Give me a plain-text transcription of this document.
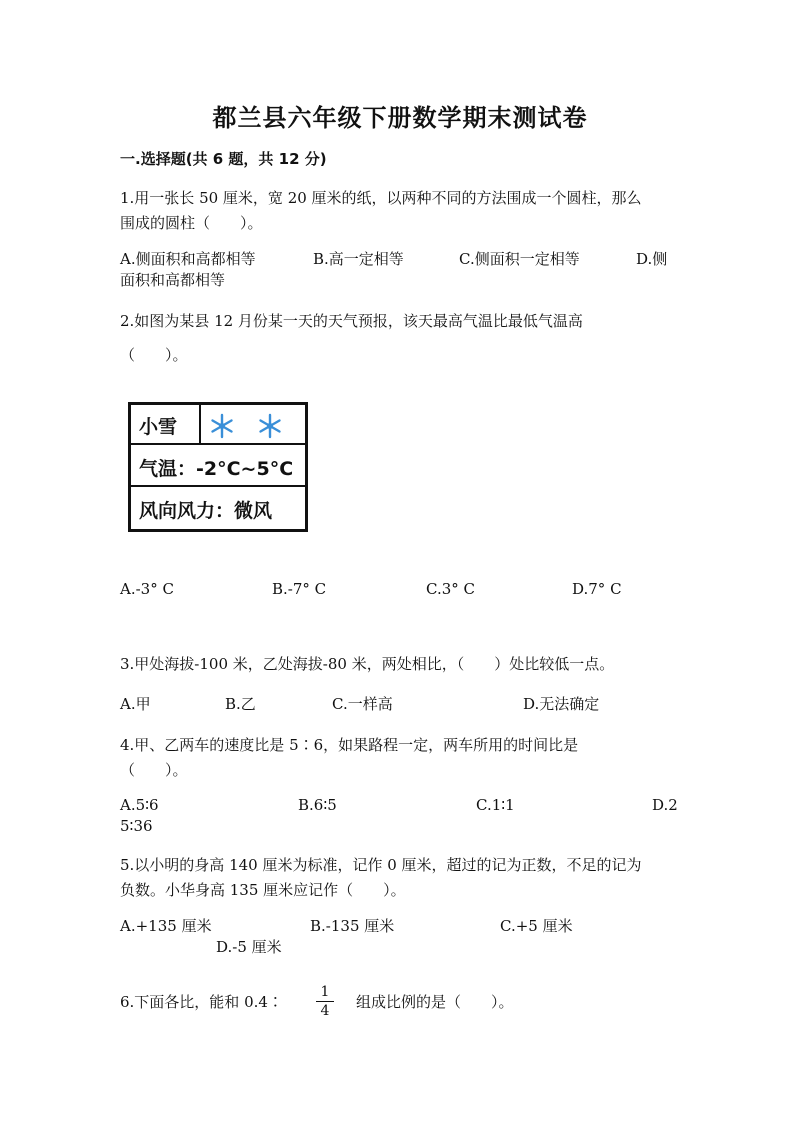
都兰县六年级下册数学期末测试卷
一.选择题(共 6 题，共 12 分)
1.用一张长 50 厘米，宽 20 厘米的纸，以两种不同的方法围成一个圆柱，那么
围成的圆柱（　　）。
A.侧面积和高都相等	B.高一定相等	C.侧面积一定相等	D.侧
面积和高都相等
2.如图为某县 12 月份某一天的天气预报，该天最高气温比最低气温高
（　　）。
小雪
气温：-2°C~5°C
风向风力：微风
A.-3° C	B.-7° C	C.3° C	D.7° C
3.甲处海拔-100 米，乙处海拔-80 米，两处相比，（　　）处比较低一点。
A.甲	B.乙	C.一样高	D.无法确定
4.甲、乙两车的速度比是 5∶6，如果路程一定，两车所用的时间比是
（　　）。
A.5∶6	B.6∶5	C.1∶1	D.2
5∶36
5.以小明的身高 140 厘米为标准，记作 0 厘米，超过的记为正数，不足的记为
负数。小华身高 135 厘米应记作（　　）。
A.+135 厘米	B.-135 厘米	C.+5 厘米
D.-5 厘米
6.下面各比，能和 0.4∶
1
4	组成比例的是（　　）。
